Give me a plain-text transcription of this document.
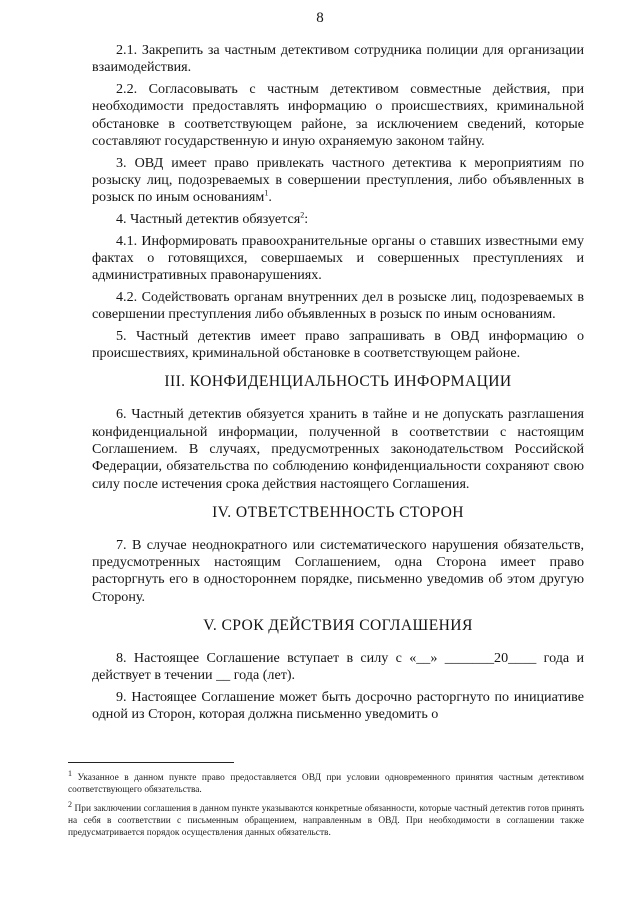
8

2.1. Закрепить за частным детективом сотрудника полиции для организации взаимодействия.

2.2. Согласовывать с частным детективом совместные действия, при необходимости предоставлять информацию о происшествиях, криминальной обстановке в соответствующем районе, за исключением сведений, которые составляют государственную и иную охраняемую законом тайну.

3. ОВД имеет право привлекать частного детектива к мероприятиям по розыску лиц, подозреваемых в совершении преступления, либо объявленных в розыск по иным основаниям$^1$.

4. Частный детектив обязуется$^2$:

4.1. Информировать правоохранительные органы о ставших известными ему фактах о готовящихся, совершаемых и совершенных преступлениях и административных правонарушениях.

4.2. Содействовать органам внутренних дел в розыске лиц, подозреваемых в совершении преступления либо объявленных в розыск по иным основаниям.

5. Частный детектив имеет право запрашивать в ОВД информацию о происшествиях, криминальной обстановке в соответствующем районе.

III. КОНФИДЕНЦИАЛЬНОСТЬ ИНФОРМАЦИИ

6. Частный детектив обязуется хранить в тайне и не допускать разглашения конфиденциальной информации, полученной в соответствии с настоящим Соглашением. В случаях, предусмотренных законодательством Российской Федерации, обязательства по соблюдению конфиденциальности сохраняют свою силу после истечения срока действия настоящего Соглашения.

IV. ОТВЕТСТВЕННОСТЬ СТОРОН

7. В случае неоднократного или систематического нарушения обязательств, предусмотренных настоящим Соглашением, одна Сторона имеет право расторгнуть его в одностороннем порядке, письменно уведомив об этом другую Сторону.

V. СРОК ДЕЙСТВИЯ СОГЛАШЕНИЯ

8. Настоящее Соглашение вступает в силу с «__» _______20____ года и действует в течении __ года (лет).

9. Настоящее Соглашение может быть досрочно расторгнуто по инициативе одной из Сторон, которая должна письменно уведомить о

$^1$ Указанное в данном пункте право предоставляется ОВД при условии одновременного принятия частным детективом соответствующего обязательства.

$^2$ При заключении соглашения в данном пункте указываются конкретные обязанности, которые частный детектив готов принять на себя в соответствии с письменным обращением, направленным в ОВД. При необходимости в соглашении также предусматривается порядок осуществления данных обязательств.
